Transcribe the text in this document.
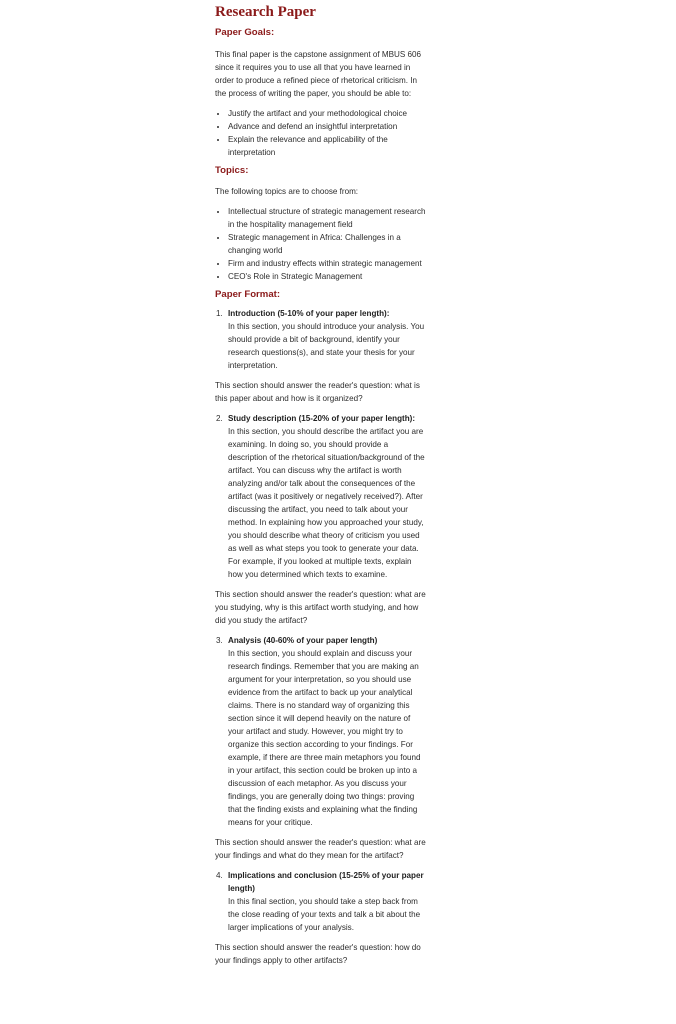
Research Paper
Paper Goals:

This final paper is the capstone assignment of MBUS 606 since it requires you to use all that you have learned in order to produce a refined piece of rhetorical criticism. In the process of writing the paper, you should be able to:

• Justify the artifact and your methodological choice
• Advance and defend an insightful interpretation
• Explain the relevance and applicability of the interpretation
Topics:

The following topics are to choose from:

• Intellectual structure of strategic management research in the hospitality management field
• Strategic management in Africa: Challenges in a changing world
• Firm and industry effects within strategic management
• CEO's Role in Strategic Management
Paper Format:
1. Introduction (5-10% of your paper length):
In this section, you should introduce your analysis. You should provide a bit of background, identify your research questions(s), and state your thesis for your interpretation.

This section should answer the reader's question: what is this paper about and how is it organized?

2. Study description (15-20% of your paper length):
In this section, you should describe the artifact you are examining. In doing so, you should provide a description of the rhetorical situation/background of the artifact. You can discuss why the artifact is worth analyzing and/or talk about the consequences of the artifact (was it positively or negatively received?). After discussing the artifact, you need to talk about your method. In explaining how you approached your study, you should describe what theory of criticism you used as well as what steps you took to generate your data. For example, if you looked at multiple texts, explain how you determined which texts to examine.

This section should answer the reader's question: what are you studying, why is this artifact worth studying, and how did you study the artifact?

3. Analysis (40-60% of your paper length)
In this section, you should explain and discuss your research findings. Remember that you are making an argument for your interpretation, so you should use evidence from the artifact to back up your analytical claims. There is no standard way of organizing this section since it will depend heavily on the nature of your artifact and study. However, you might try to organize this section according to your findings. For example, if there are three main metaphors you found in your artifact, this section could be broken up into a discussion of each metaphor. As you discuss your findings, you are generally doing two things: proving that the finding exists and explaining what the finding means for your critique.

This section should answer the reader's question: what are your findings and what do they mean for the artifact?

4. Implications and conclusion (15-25% of your paper length)
In this final section, you should take a step back from the close reading of your texts and talk a bit about the larger implications of your analysis.

This section should answer the reader's question: how do your findings apply to other artifacts?
